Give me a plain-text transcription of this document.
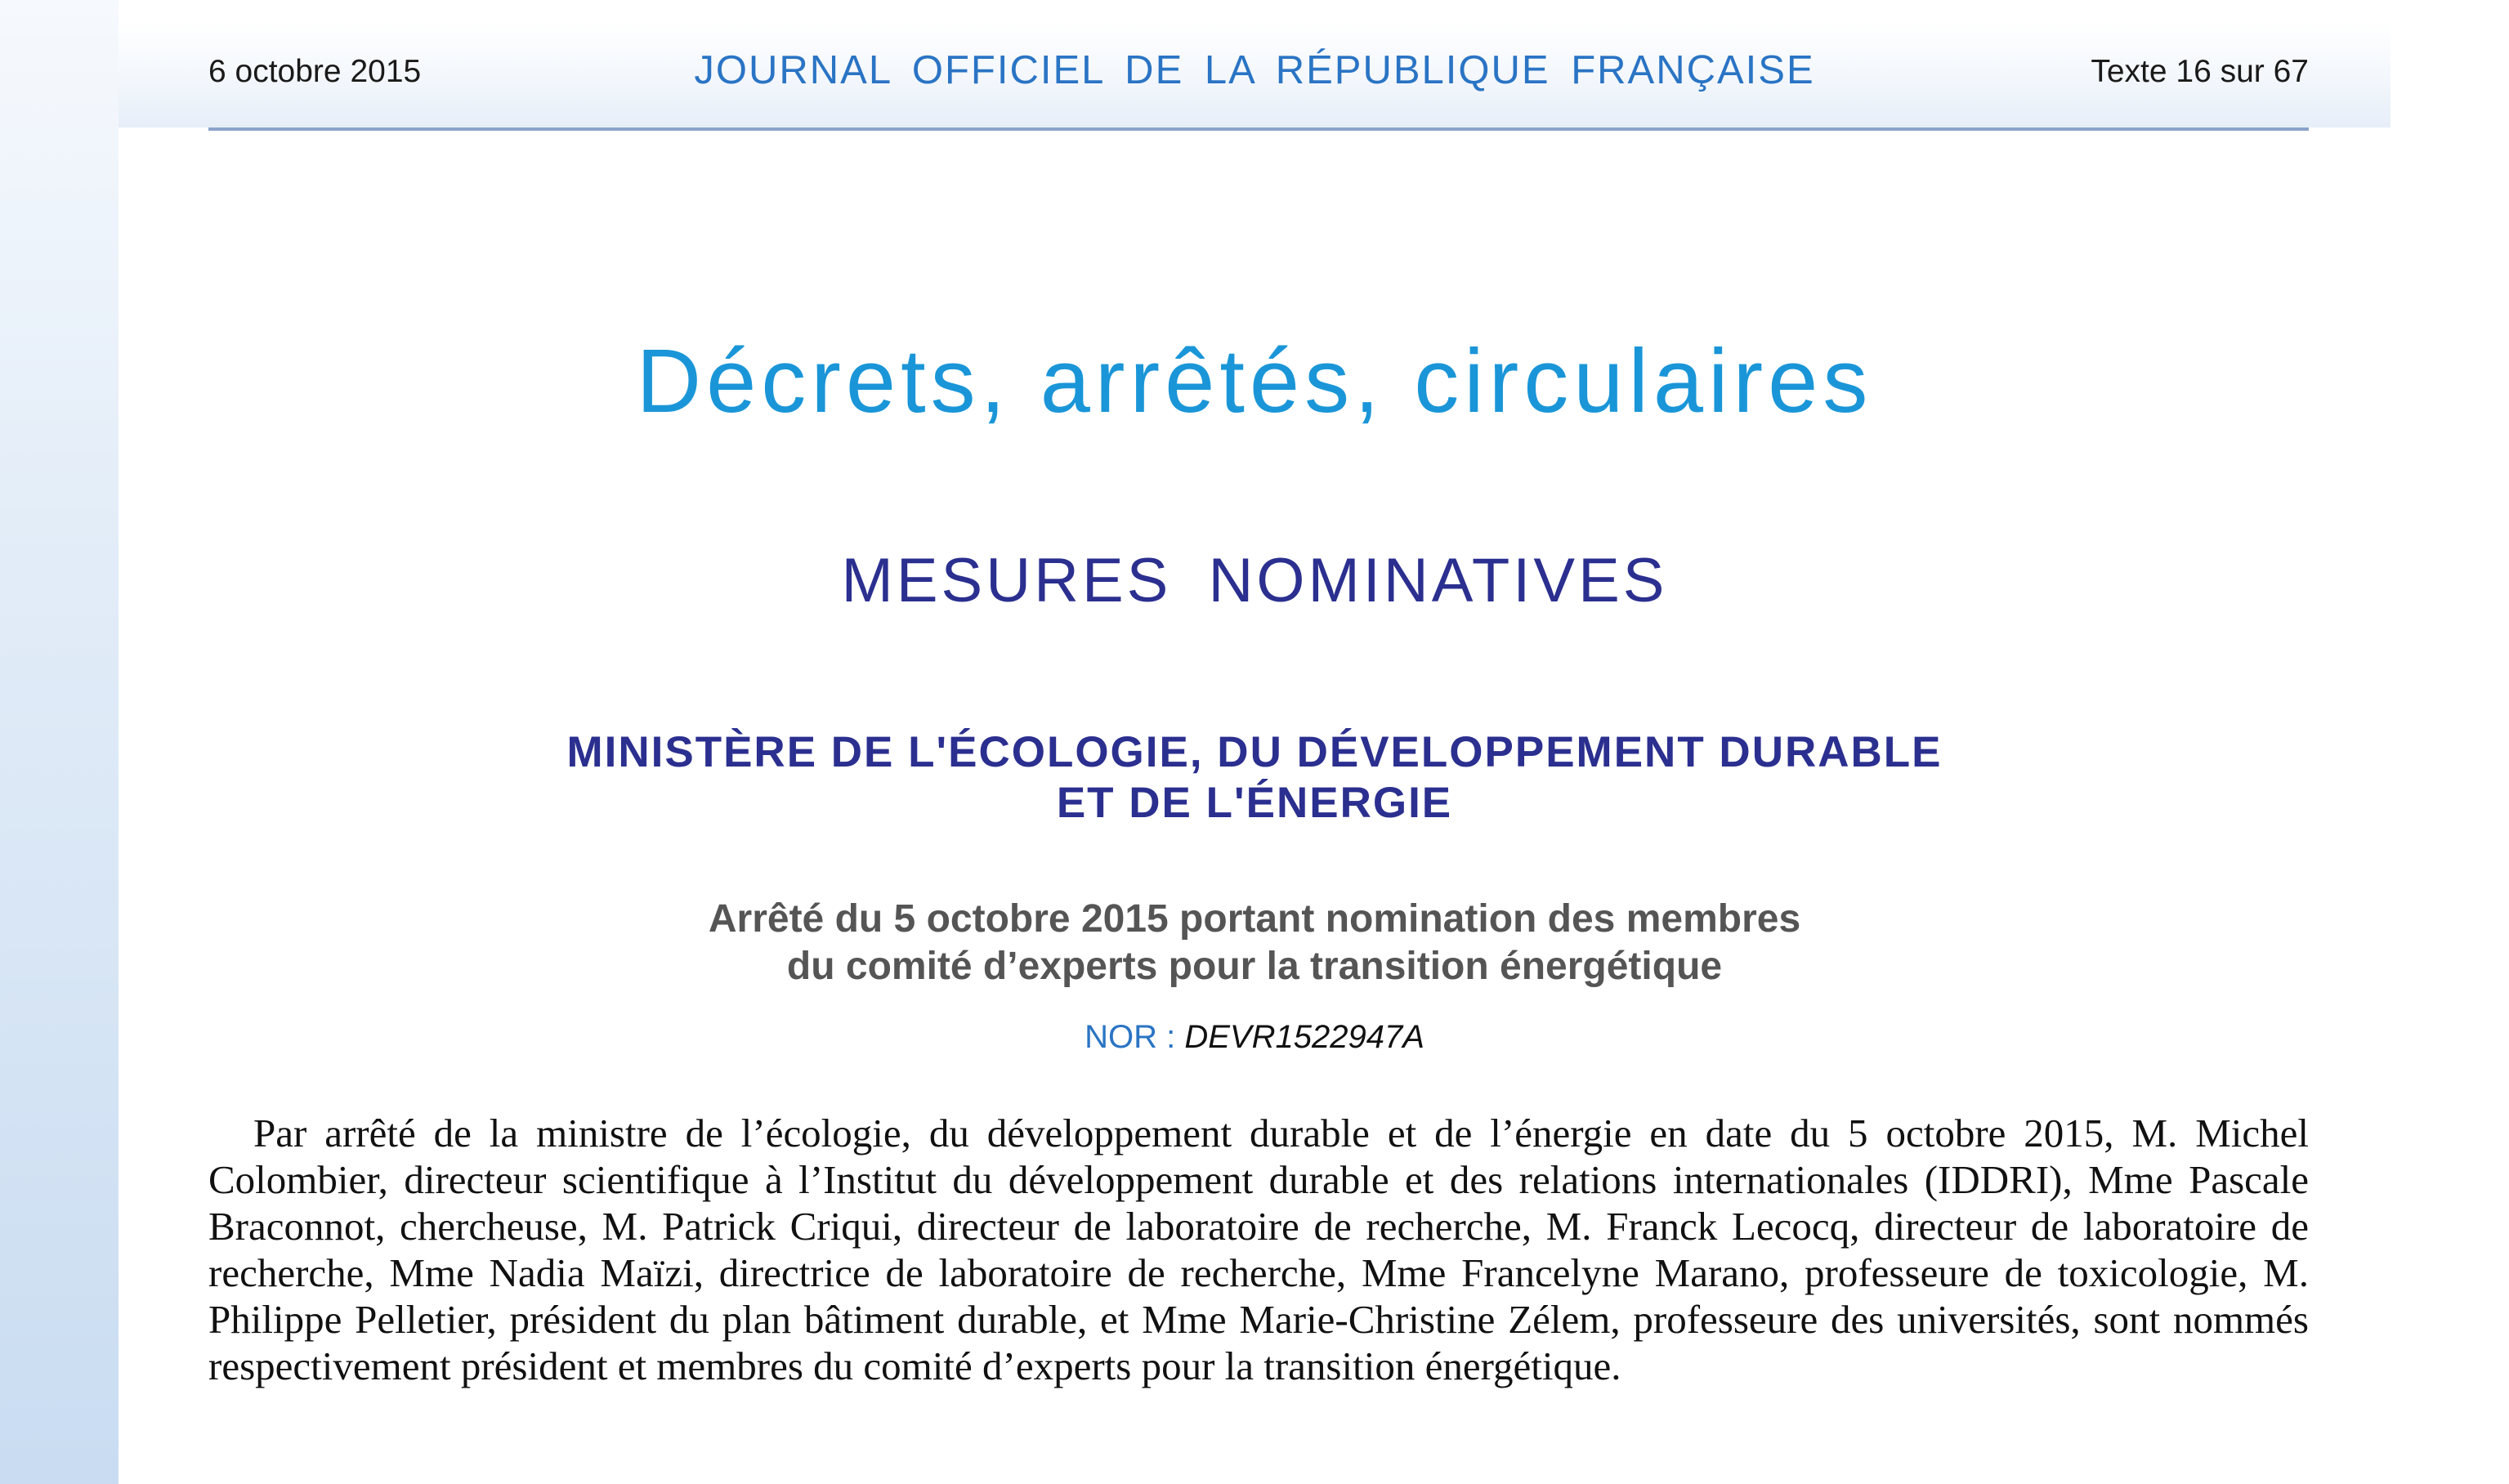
6 octobre 2015	JOURNAL OFFICIEL DE LA RÉPUBLIQUE FRANÇAISE	Texte 16 sur 67
Décrets, arrêtés, circulaires
MESURES NOMINATIVES
MINISTÈRE DE L'ÉCOLOGIE, DU DÉVELOPPEMENT DURABLE
ET DE L'ÉNERGIE
Arrêté du 5 octobre 2015 portant nomination des membres
du comité d’experts pour la transition énergétique
NOR : DEVR1522947A

Par arrêté de la ministre de l’écologie, du développement durable et de l’énergie en date du 5 octobre 2015, M. Michel Colombier, directeur scientifique à l’Institut du développement durable et des relations internationales (IDDRI), Mme Pascale Braconnot, chercheuse, M. Patrick Criqui, directeur de laboratoire de recherche, M. Franck Lecocq, directeur de laboratoire de recherche, Mme Nadia Maïzi, directrice de laboratoire de recherche, Mme Francelyne Marano, professeure de toxicologie, M. Philippe Pelletier, président du plan bâtiment durable, et Mme Marie-Christine Zélem, professeure des universités, sont nommés respectivement président et membres du comité d’experts pour la transition énergétique.
